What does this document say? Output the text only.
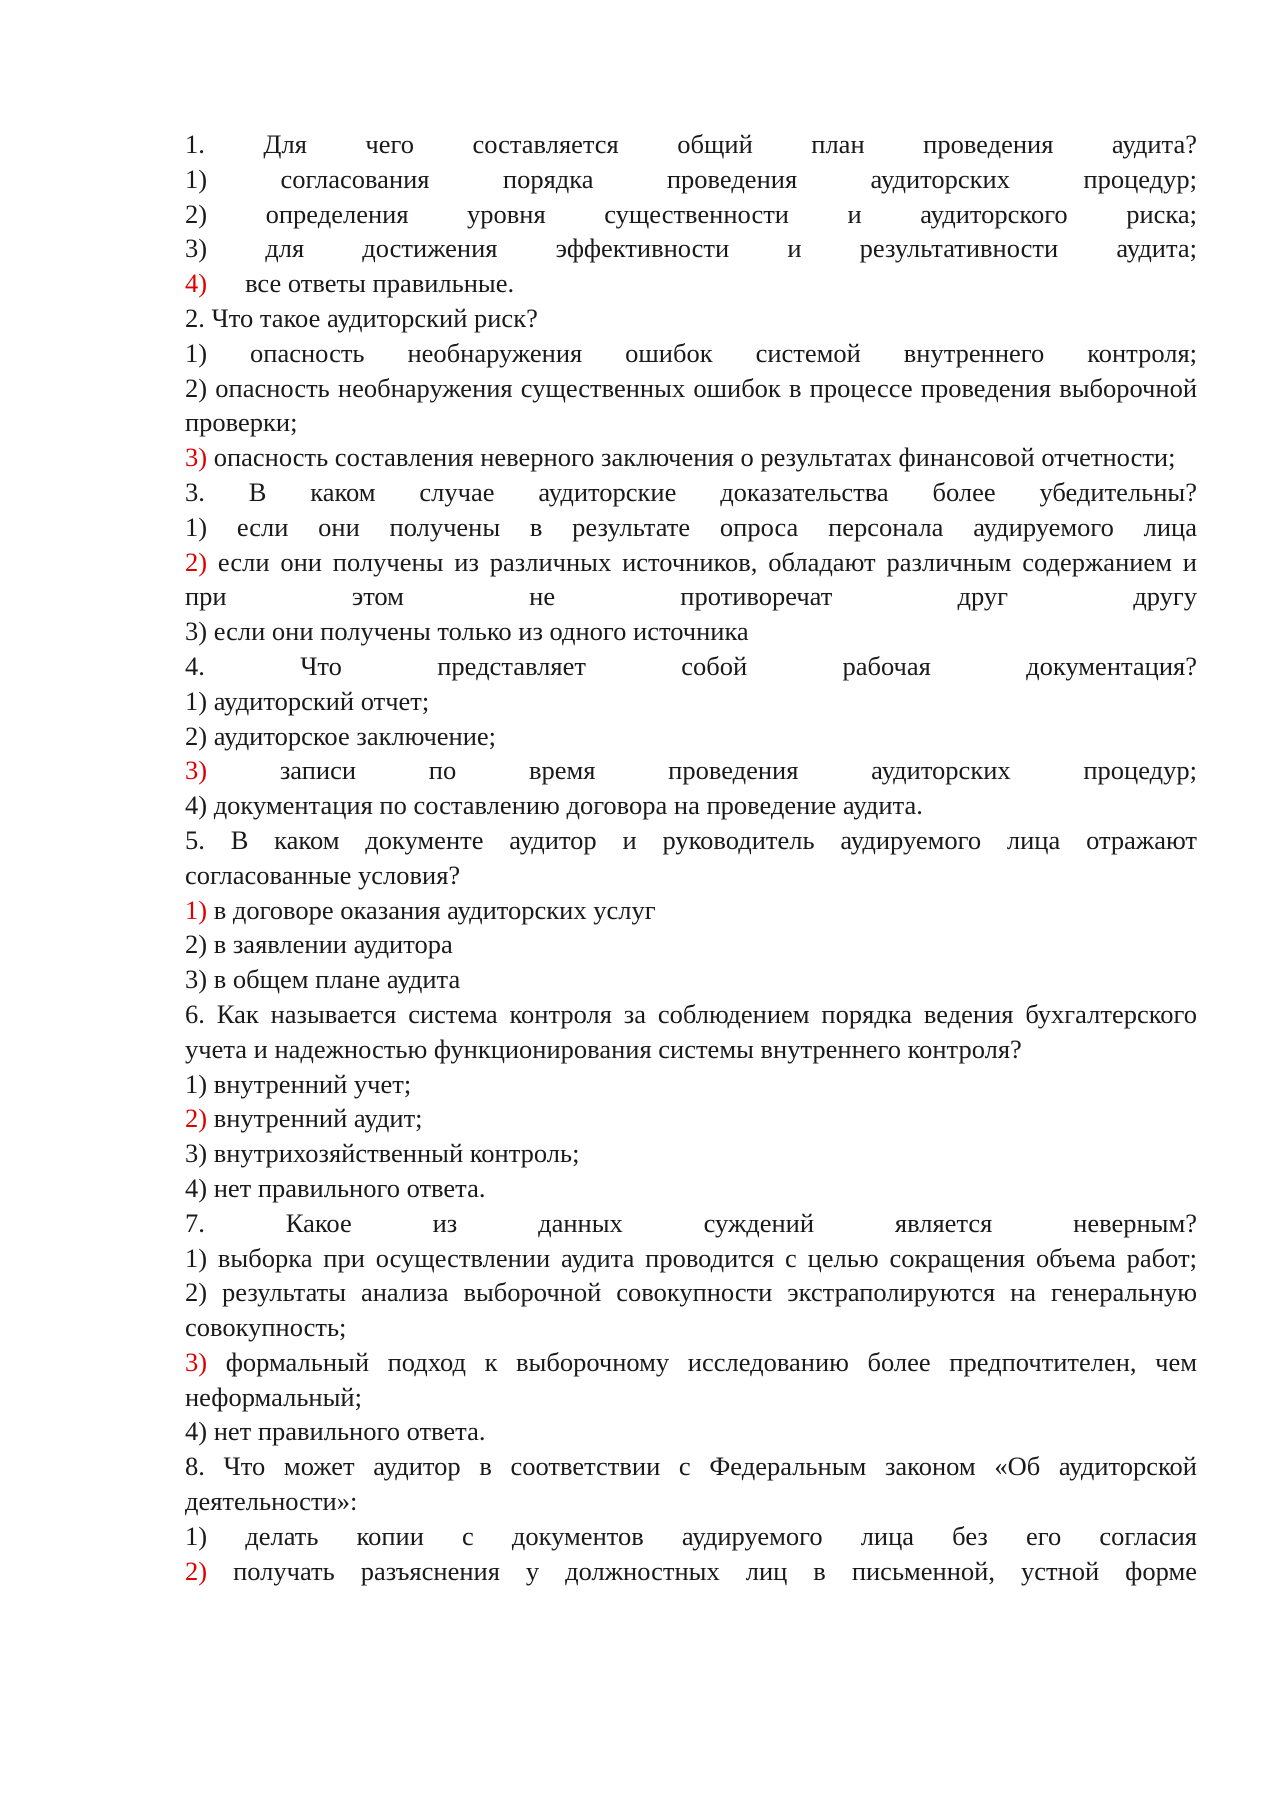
1. Для чего составляется общий план проведения аудита?

1)	согласования порядка проведения аудиторских процедур;

2) определения уровня существенности и аудиторского риска;

3) для достижения эффективности и результативности аудита;

4) все ответы правильные.

2. Что такое аудиторский риск?

1) опасность необнаружения ошибок системой внутреннего контроля;

2) опасность необнаружения существенных ошибок в процессе проведения выборочной проверки;

3) опасность составления неверного заключения о результатах финансовой отчетности;

3. В каком случае аудиторские доказательства более убедительны?

1) если они получены в результате опроса персонала аудируемого лица

2) если они получены из различных источников, обладают различным содержанием и при этом не противоречат друг другу

3) если они получены только из одного источника

4. Что представляет собой рабочая документация?

1) аудиторский отчет;

2) аудиторское заключение;

3)	записи по время проведения аудиторских процедур;

4) документация по составлению договора на проведение аудита.

5. В каком документе аудитор и руководитель аудируемого лица отражают согласованные условия?

1) в договоре оказания аудиторских услуг

2) в заявлении аудитора

3) в общем плане аудита

6. Как называется система контроля за соблюдением порядка ведения бухгалтерского учета и надежностью функционирования системы внутреннего контроля?

1) внутренний учет;

2) внутренний аудит;

3) внутрихозяйственный контроль;

4) нет правильного ответа.

7. Какое из данных суждений является неверным?

1) выборка при осуществлении аудита проводится с целью сокращения объема работ;

2) результаты анализа выборочной совокупности экстраполируются на генеральную совокупность;

3) формальный подход к выборочному исследованию более предпочтителен, чем неформальный;

4) нет правильного ответа.

8. Что может аудитор в соответствии с Федеральным законом «Об аудиторской деятельности»:

1) делать копии с документов аудируемого лица без его согласия

2) получать разъяснения у должностных лиц в письменной, устной форме
